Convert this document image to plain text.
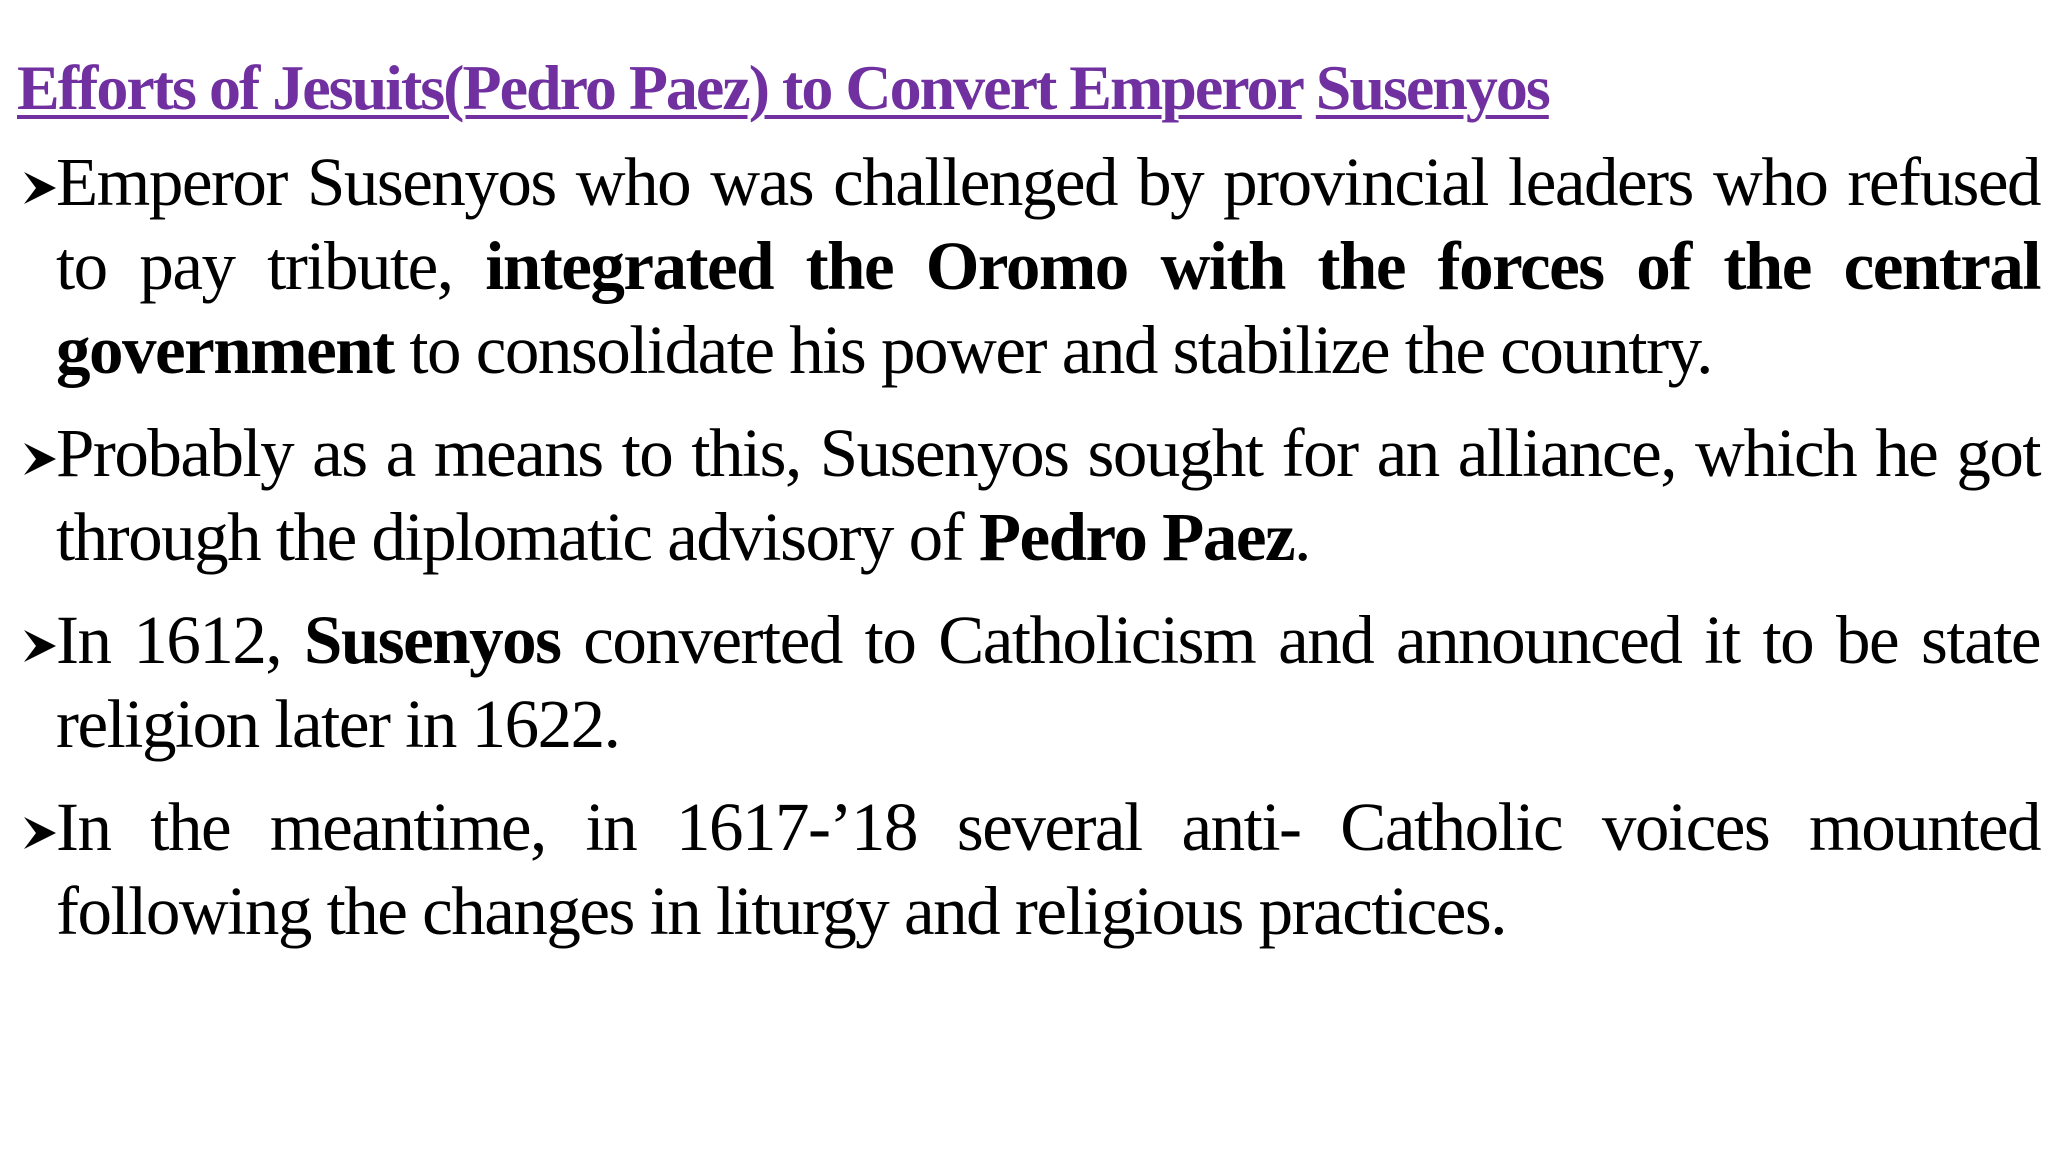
Efforts of Jesuits(Pedro Paez) to Convert Emperor Susenyos
Emperor Susenyos who was challenged by provincial leaders who refused to pay tribute, integrated the Oromo with the forces of the central government to consolidate his power and stabilize the country.
Probably as a means to this, Susenyos sought for an alliance, which he got through the diplomatic advisory of Pedro Paez.
In 1612, Susenyos converted to Catholicism and announced it to be state religion later in 1622.
In the meantime, in 1617-’18 several anti- Catholic voices mounted following the changes in liturgy and religious practices.
